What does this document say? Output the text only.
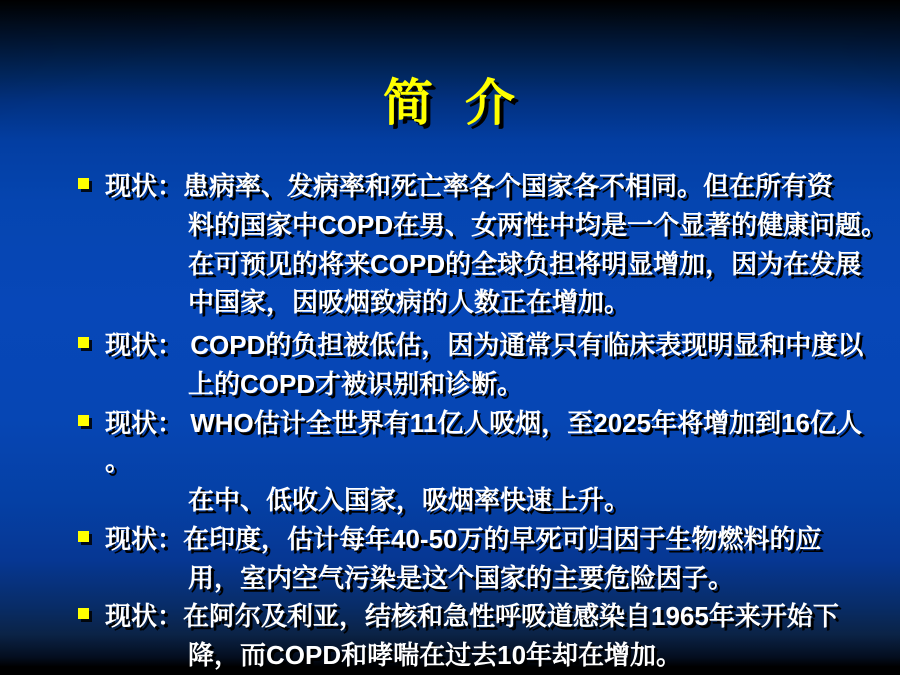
简 介
现状：患病率、发病率和死亡率各个国家各不相同。但在所有资
料的国家中COPD在男、女两性中均是一个显著的健康问题。
在可预见的将来COPD的全球负担将明显增加，因为在发展
中国家，因吸烟致病的人数正在增加。
现状： COPD的负担被低估，因为通常只有临床表现明显和中度以
上的COPD才被识别和诊断。
现状： WHO估计全世界有11亿人吸烟，至2025年将增加到16亿人
。
在中、低收入国家，吸烟率快速上升。
现状：在印度，估计每年40-50万的早死可归因于生物燃料的应
用，室内空气污染是这个国家的主要危险因子。
现状：在阿尔及利亚，结核和急性呼吸道感染自1965年来开始下
降，而COPD和哮喘在过去10年却在增加。
